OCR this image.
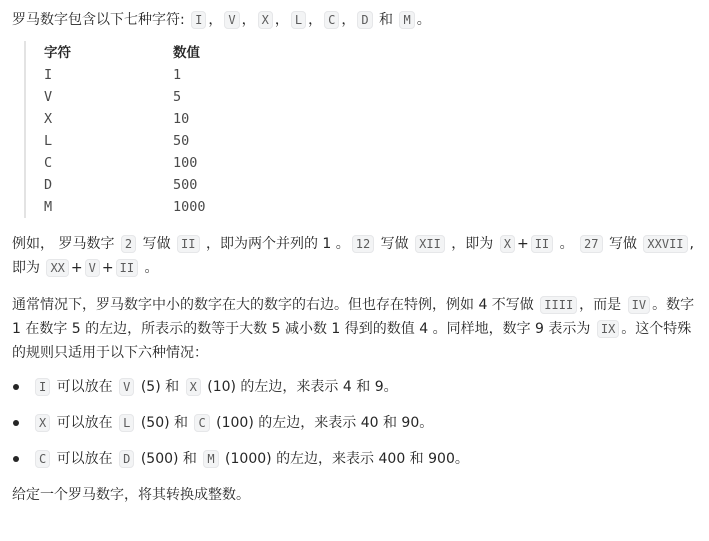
罗马数字包含以下七种字符: I ， V ， X ， L ， C ， D 和 M 。

字符	数值
I	1
V	5
X	10
L	50
C	100
D	500
M	1000

例如， 罗马数字 2 写做 II ，即为两个并列的 1 。 12 写做 XII ，即为 X + II 。 27 写做 XXVII , 即为 XX + V + II 。

通常情况下，罗马数字中小的数字在大的数字的右边。但也存在特例，例如 4 不写做 IIII ，而是 IV 。数字 1 在数字 5 的左边，所表示的数等于大数 5 减小数 1 得到的数值 4 。同样地，数字 9 表示为 IX 。这个特殊的规则只适用于以下六种情况：

I 可以放在 V (5) 和 X (10) 的左边，来表示 4 和 9。
X 可以放在 L (50) 和 C (100) 的左边，来表示 40 和 90。
C 可以放在 D (500) 和 M (1000) 的左边，来表示 400 和 900。

给定一个罗马数字，将其转换成整数。
